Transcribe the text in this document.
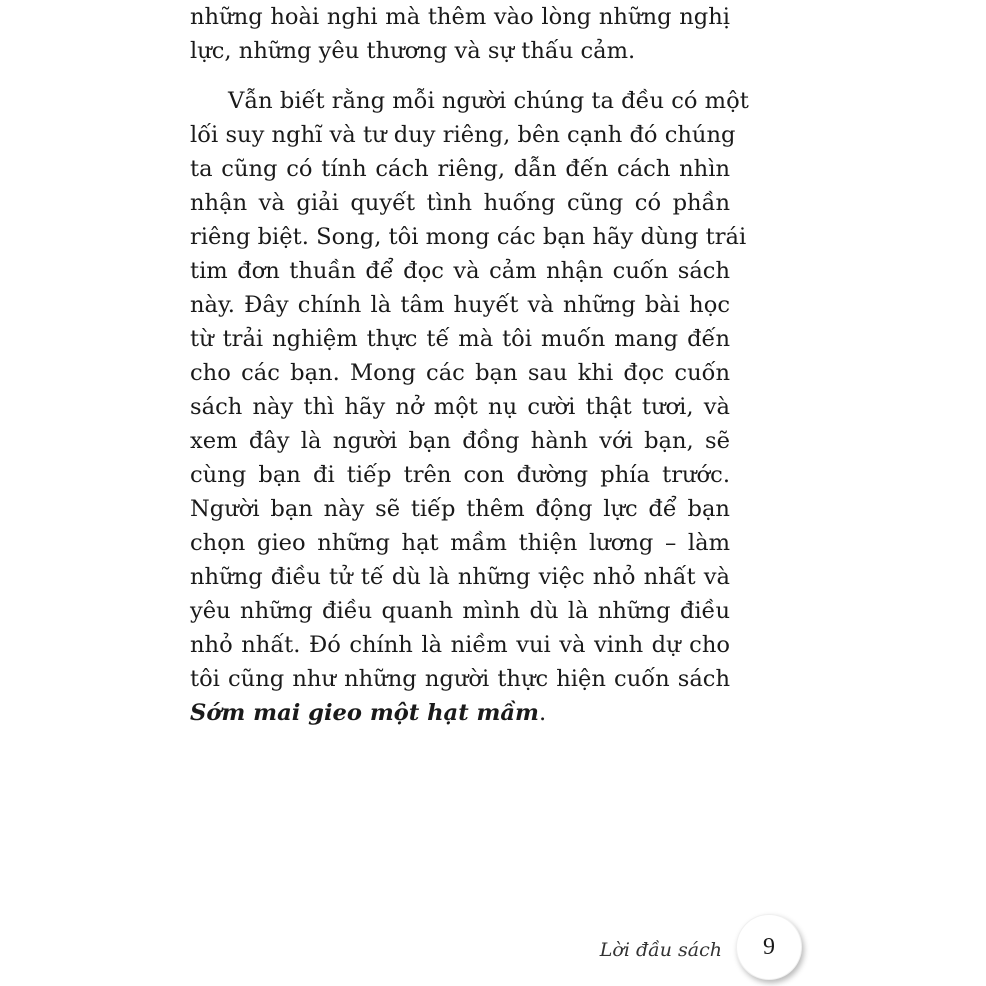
những hoài nghi mà thêm vào lòng những nghị
lực, những yêu thương và sự thấu cảm.
Vẫn biết rằng mỗi người chúng ta đều có một
lối suy nghĩ và tư duy riêng, bên cạnh đó chúng
ta cũng có tính cách riêng, dẫn đến cách nhìn
nhận và giải quyết tình huống cũng có phần
riêng biệt. Song, tôi mong các bạn hãy dùng trái
tim đơn thuần để đọc và cảm nhận cuốn sách
này. Đây chính là tâm huyết và những bài học
từ trải nghiệm thực tế mà tôi muốn mang đến
cho các bạn. Mong các bạn sau khi đọc cuốn
sách này thì hãy nở một nụ cười thật tươi, và
xem đây là người bạn đồng hành với bạn, sẽ
cùng bạn đi tiếp trên con đường phía trước.
Người bạn này sẽ tiếp thêm động lực để bạn
chọn gieo những hạt mầm thiện lương – làm
những điều tử tế dù là những việc nhỏ nhất và
yêu những điều quanh mình dù là những điều
nhỏ nhất. Đó chính là niềm vui và vinh dự cho
tôi cũng như những người thực hiện cuốn sách
Sớm mai gieo một hạt mầm.
Lời đầu sách 9
